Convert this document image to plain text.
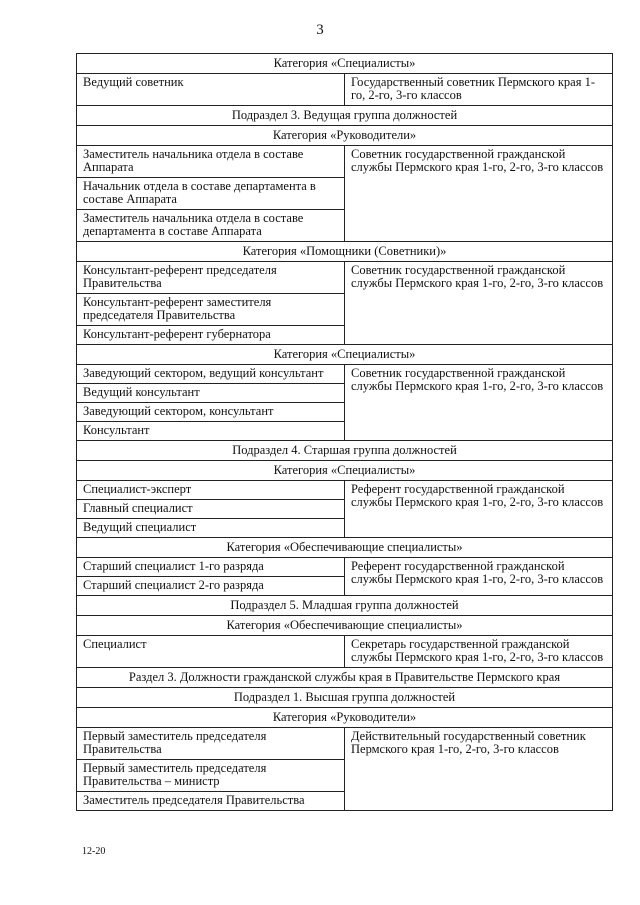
3
Категория «Специалисты»	
Ведущий советник	Государственный советник Пермского края 1-го, 2-го, 3-го классов
Подраздел 3. Ведущая группа должностей	
Категория «Руководители»	
Заместитель начальника отдела в составе Аппарата	Советник государственной гражданской службы Пермского края 1-го, 2-го, 3-го классов
Начальник отдела в составе департамента в составе Аппарата	
Заместитель начальника отдела в составе департамента в составе Аппарата	
Категория «Помощники (Советники)»	
Консультант-референт председателя Правительства	Советник государственной гражданской службы Пермского края 1-го, 2-го, 3-го классов
Консультант-референт заместителя председателя Правительства	
Консультант-референт губернатора	
Категория «Специалисты»	
Заведующий сектором, ведущий консультант	Советник государственной гражданской службы Пермского края 1-го, 2-го, 3-го классов
Ведущий консультант	
Заведующий сектором, консультант	
Консультант	
Подраздел 4. Старшая группа должностей	
Категория «Специалисты»	
Специалист-эксперт	Референт государственной гражданской службы Пермского края 1-го, 2-го, 3-го классов
Главный специалист	
Ведущий специалист	
Категория «Обеспечивающие специалисты»	
Старший специалист 1-го разряда	Референт государственной гражданской службы Пермского края 1-го, 2-го, 3-го классов
Старший специалист 2-го разряда	
Подраздел 5. Младшая группа должностей	
Категория «Обеспечивающие специалисты»	
Специалист	Секретарь государственной гражданской службы Пермского края 1-го, 2-го, 3-го классов
Раздел 3. Должности гражданской службы края в Правительстве Пермского края	
Подраздел 1. Высшая группа должностей	
Категория «Руководители»	
Первый заместитель председателя Правительства	Действительный государственный советник Пермского края 1-го, 2-го, 3-го классов
Первый заместитель председателя Правительства – министр	
Заместитель председателя Правительства	
12-20
